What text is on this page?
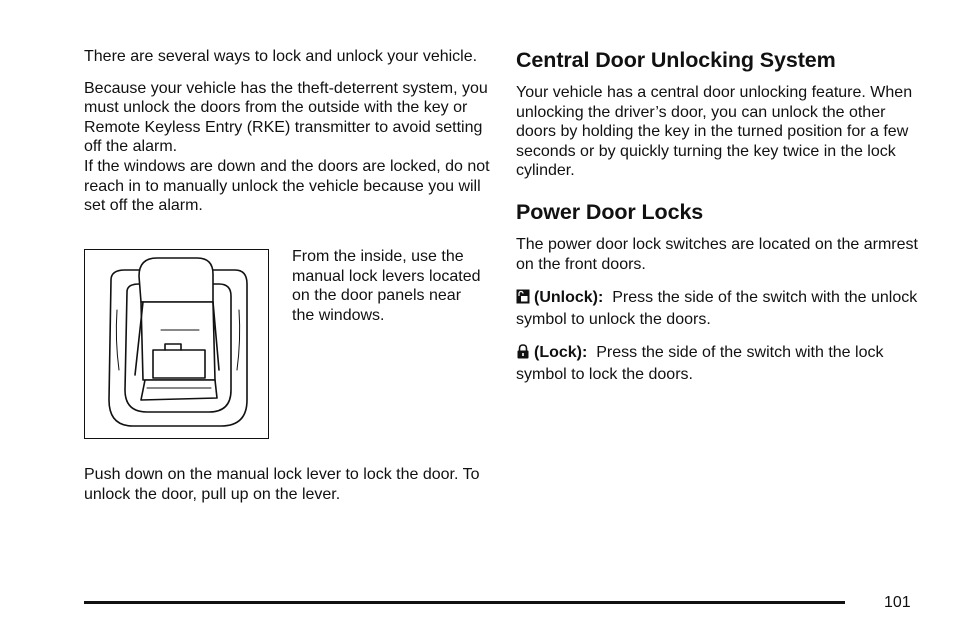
There are several ways to lock and unlock your vehicle.

Because your vehicle has the theft-deterrent system, you must unlock the doors from the outside with the key or Remote Keyless Entry (RKE) transmitter to avoid setting off the alarm.

If the windows are down and the doors are locked, do not reach in to manually unlock the vehicle because you will set off the alarm.

From the inside, use the manual lock levers located on the door panels near the windows.

Push down on the manual lock lever to lock the door. To unlock the door, pull up on the lever.

Central Door Unlocking System

Your vehicle has a central door unlocking feature. When unlocking the driver’s door, you can unlock the other doors by holding the key in the turned position for a few seconds or by quickly turning the key twice in the lock cylinder.

Power Door Locks

The power door lock switches are located on the armrest on the front doors.

(Unlock): Press the side of the switch with the unlock symbol to unlock the doors.

(Lock): Press the side of the switch with the lock symbol to lock the doors.

101
